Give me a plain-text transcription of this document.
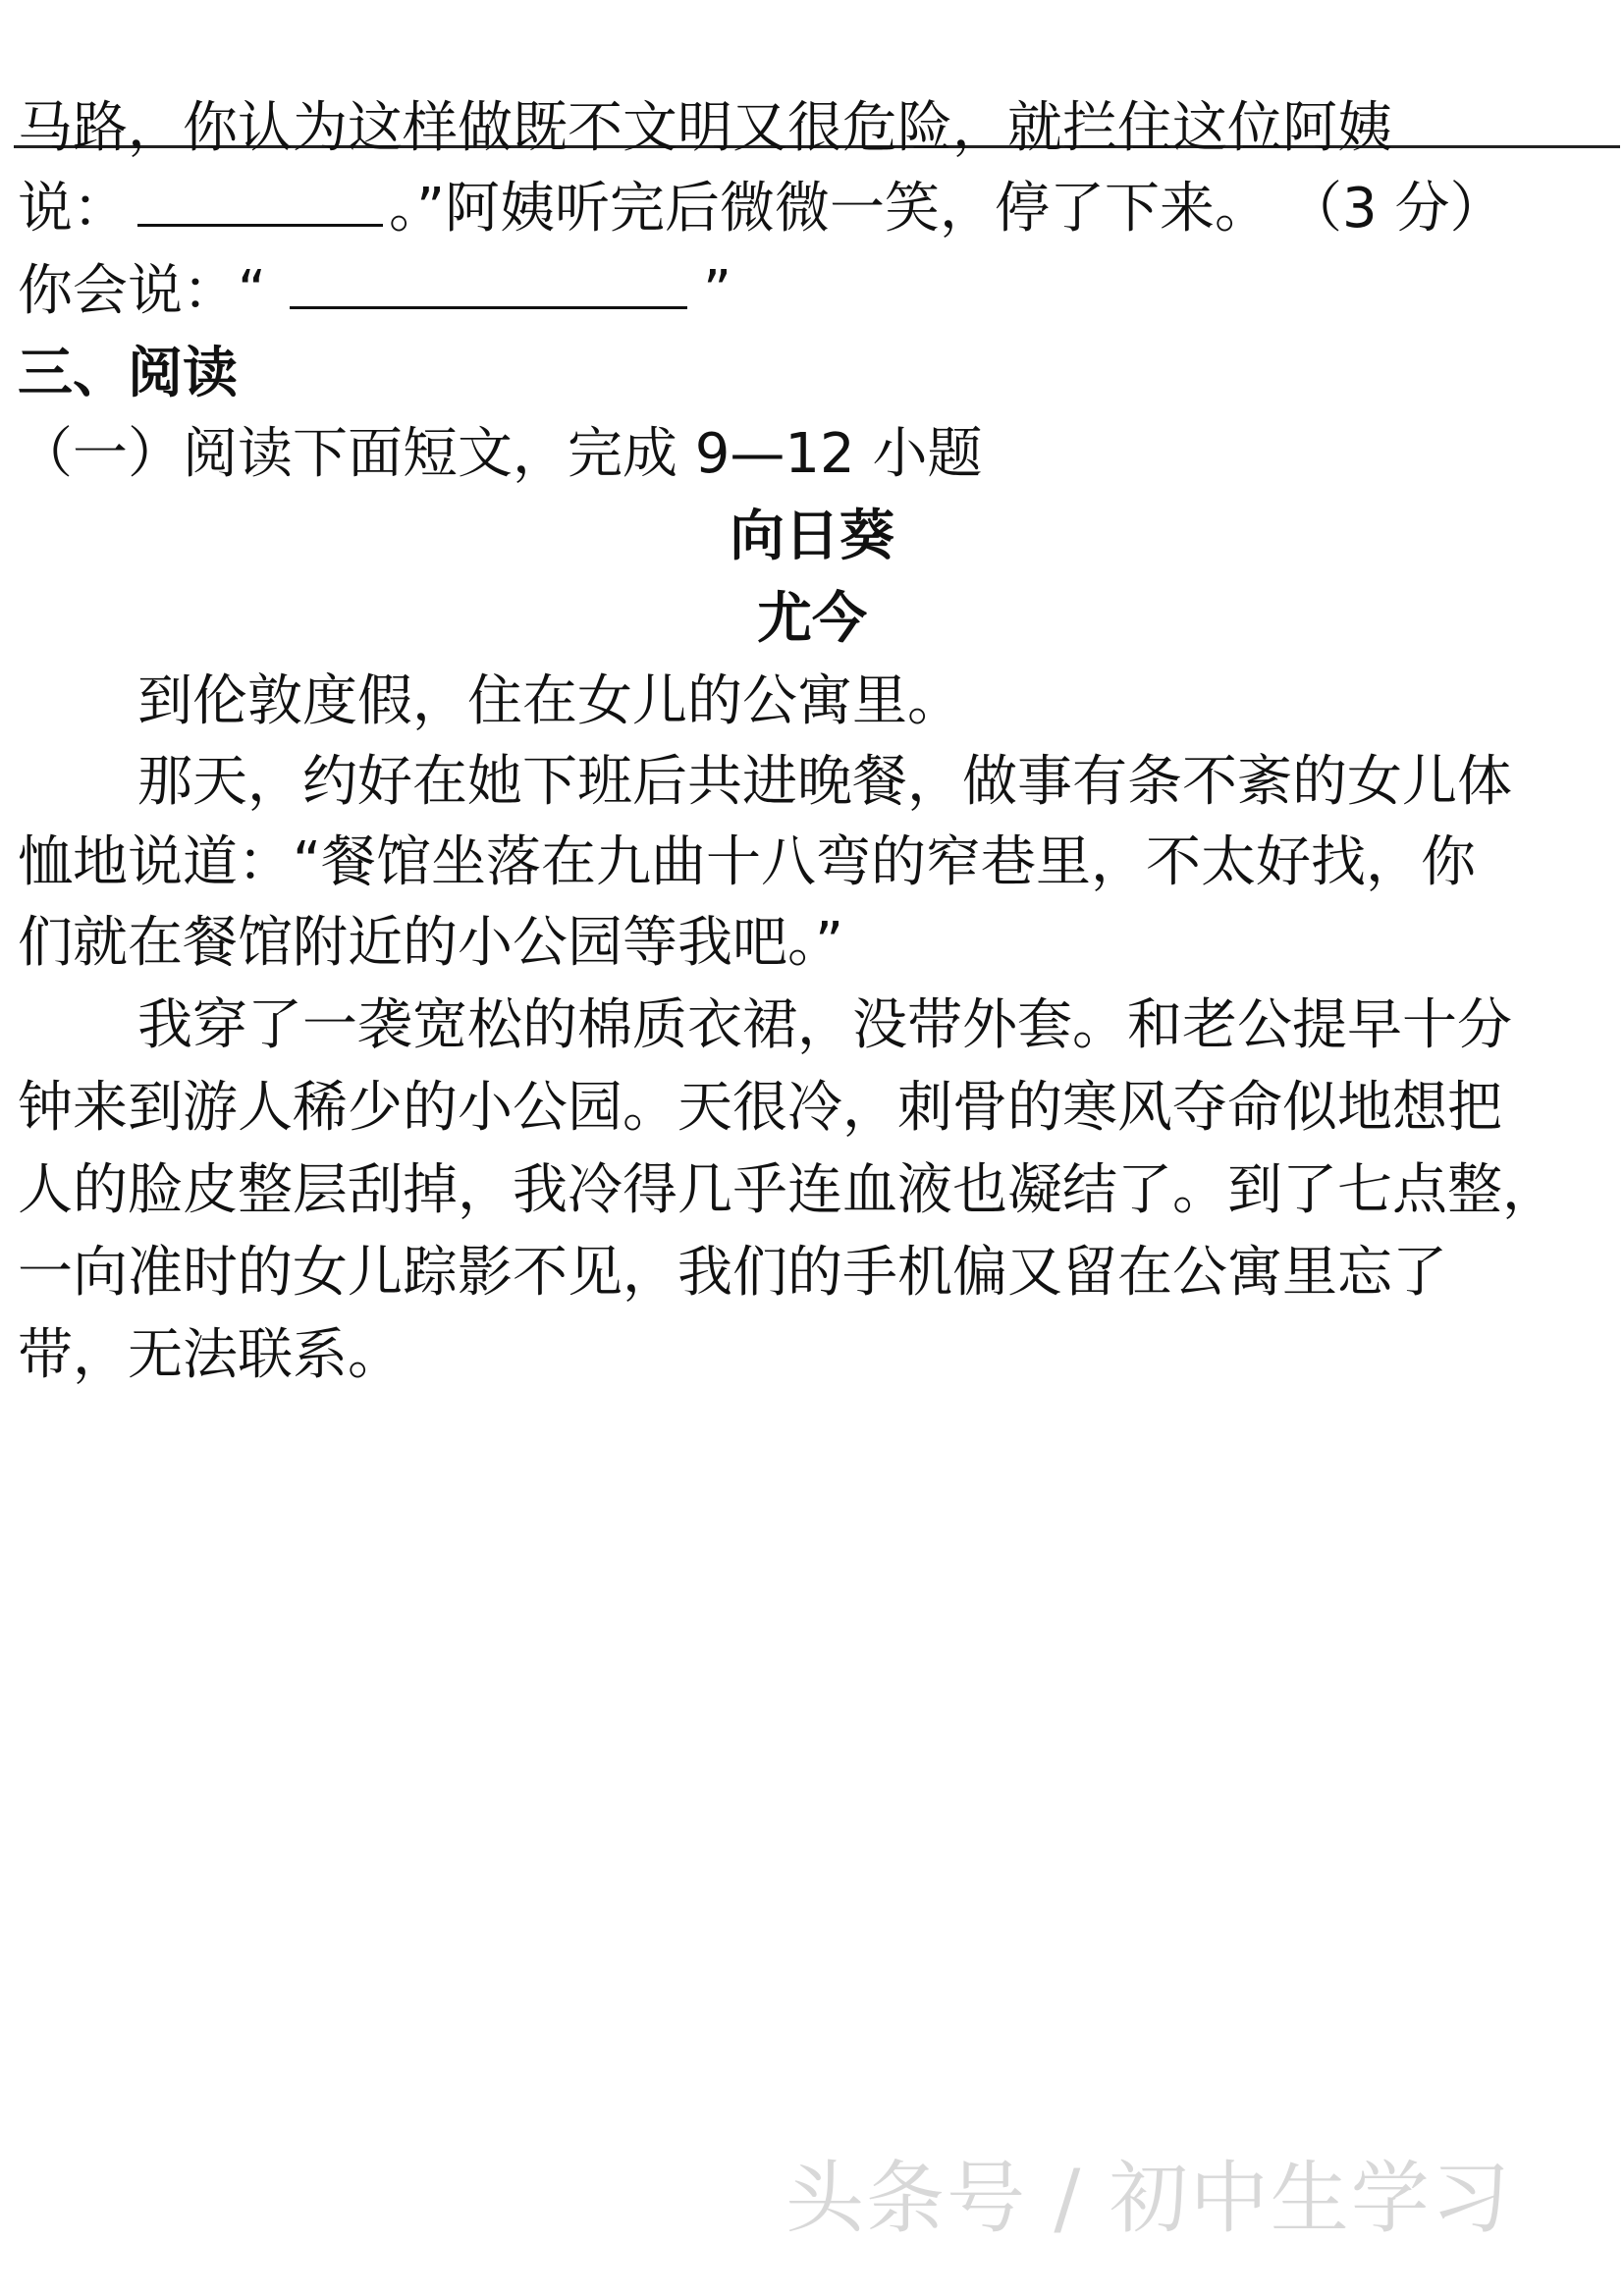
马路，你认为这样做既不文明又很危险，就拦住这位阿姨
说：	。”阿姨听完后微微一笑，停了下来。 （3 分）
你会说：“	”
三、阅读
（一）阅读下面短文，完成 9—12 小题
向日葵
尤今
到伦敦度假，住在女儿的公寓里。
那天，约好在她下班后共进晚餐，做事有条不紊的女儿体
恤地说道：“餐馆坐落在九曲十八弯的窄巷里，不太好找，你
们就在餐馆附近的小公园等我吧。”
我穿了一袭宽松的棉质衣裙，没带外套。和老公提早十分
钟来到游人稀少的小公园。天很冷，刺骨的寒风夺命似地想把
人的脸皮整层刮掉，我冷得几乎连血液也凝结了。到了七点整，
一向准时的女儿踪影不见，我们的手机偏又留在公寓里忘了
带，无法联系。
头条号 / 初中生学习
